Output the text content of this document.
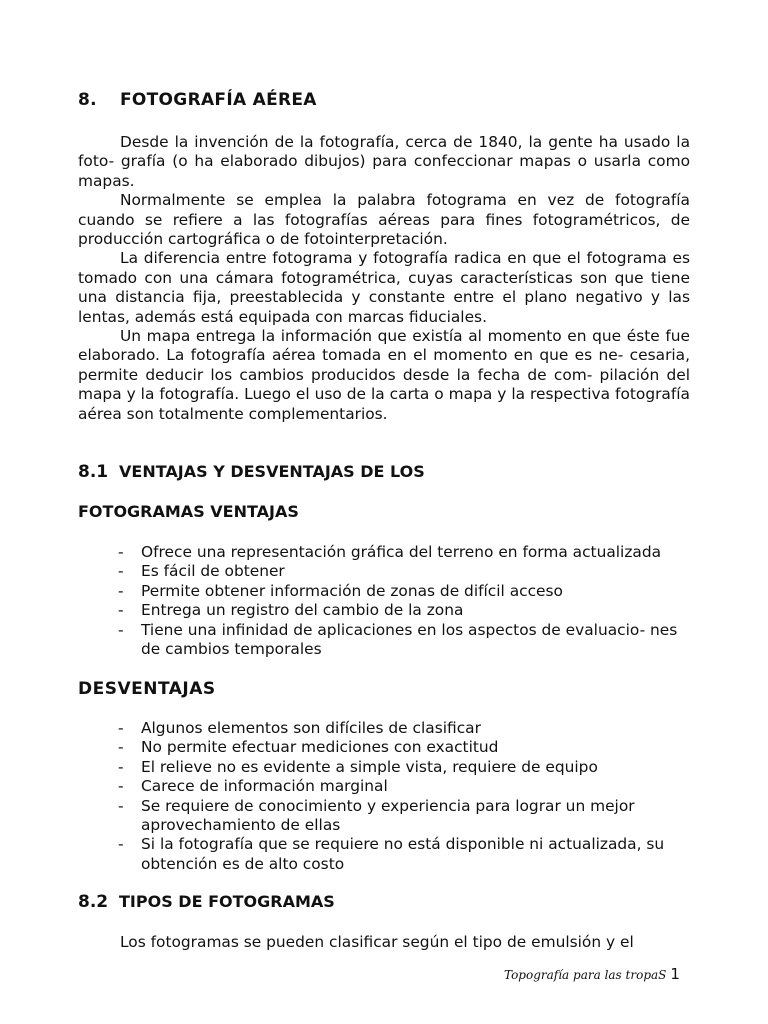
8. FOTOGRAFÍA AÉREA

Desde la invención de la fotografía, cerca de 1840, la gente ha usado la foto- grafía (o ha elaborado dibujos) para confeccionar mapas o usarla como mapas.

Normalmente se emplea la palabra fotograma en vez de fotografía cuando se refiere a las fotografías aéreas para fines fotogramétricos, de producción cartográfica o de fotointerpretación.

La diferencia entre fotograma y fotografía radica en que el fotograma es tomado con una cámara fotogramétrica, cuyas características son que tiene una distancia fija, preestablecida y constante entre el plano negativo y las lentas, además está equipada con marcas fiduciales.

Un mapa entrega la información que existía al momento en que éste fue elaborado. La fotografía aérea tomada en el momento en que es ne- cesaria, permite deducir los cambios producidos desde la fecha de com- pilación del mapa y la fotografía. Luego el uso de la carta o mapa y la respectiva fotografía aérea son totalmente complementarios.

8.1 VENTAJAS Y DESVENTAJAS DE LOS
FOTOGRAMAS VENTAJAS
- Ofrece una representación gráfica del terreno en forma actualizada
- Es fácil de obtener
- Permite obtener información de zonas de difícil acceso
- Entrega un registro del cambio de la zona
- Tiene una infinidad de aplicaciones en los aspectos de evaluacio- nes de cambios temporales
DESVENTAJAS
- Algunos elementos son difíciles de clasificar
- No permite efectuar mediciones con exactitud
- El relieve no es evidente a simple vista, requiere de equipo
- Carece de información marginal
- Se requiere de conocimiento y experiencia para lograr un mejor aprovechamiento de ellas
- Si la fotografía que se requiere no está disponible ni actualizada, su obtención es de alto costo
8.2 TIPOS DE FOTOGRAMAS

Los fotogramas se pueden clasificar según el tipo de emulsión y el

Topografía para las tropaS 1
